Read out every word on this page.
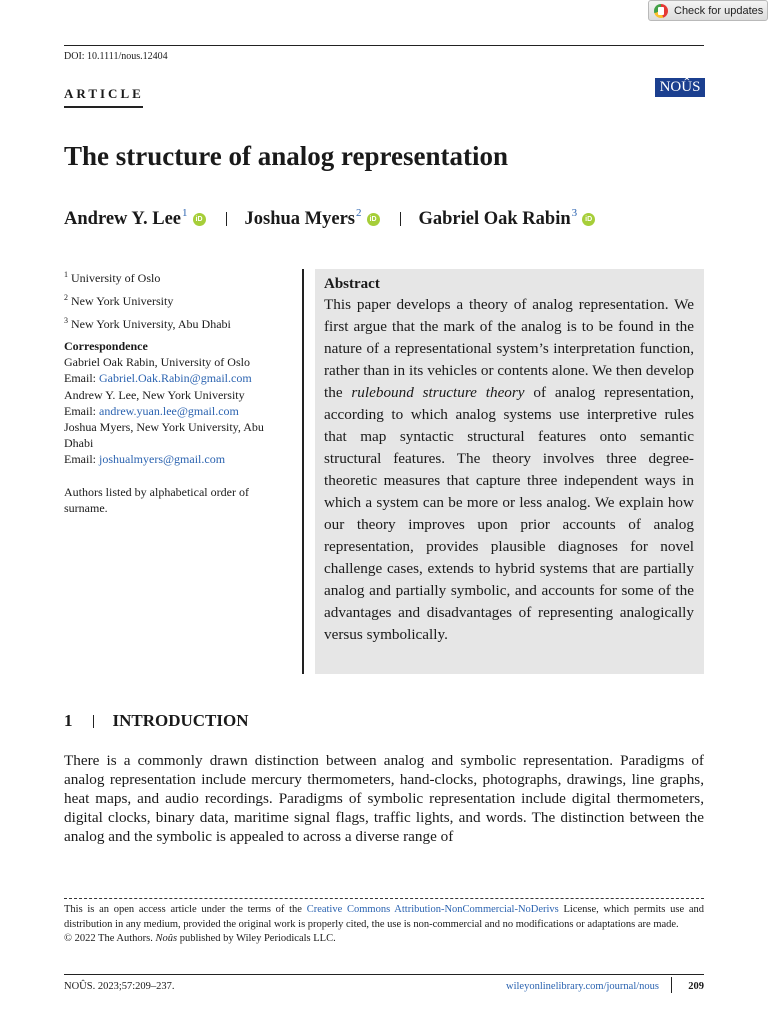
Check for updates
DOI: 10.1111/nous.12404
ARTICLE	NOÛS
The structure of analog representation
Andrew Y. Lee$^1$ iD	Joshua Myers$^2$ iD	Gabriel Oak Rabin$^3$
iD
$^1$ University of Oslo
$^2$ New York University
$^3$ New York University, Abu Dhabi
Correspondence
Gabriel Oak Rabin, University of Oslo
Email: Gabriel.Oak.Rabin@gmail.com
Andrew Y. Lee, New York University
Email: andrew.yuan.lee@gmail.com
Joshua Myers, New York University, Abu Dhabi
Email: joshualmyers@gmail.com
Authors listed by alphabetical order of surname.
Abstract

This paper develops a theory of analog representation. We first argue that the mark of the analog is to be found in the nature of a representational system’s interpretation function, rather than in its vehicles or contents alone. We then develop the rulebound structure theory of analog representation, according to which analog systems use interpretive rules that map syntactic structural features onto semantic structural features. The theory involves three degree-theoretic measures that capture three independent ways in which a system can be more or less analog. We explain how our theory improves upon prior accounts of analog representation, provides plausible diagnoses for novel challenge cases, extends to hybrid systems that are partially analog and partially symbolic, and accounts for some of the advantages and disadvantages of representing analogically versus symbolically.

1 INTRODUCTION

There is a commonly drawn distinction between analog and symbolic representation. Paradigms of analog representation include mercury thermometers, hand-clocks, photographs, drawings, line graphs, heat maps, and audio recordings. Paradigms of symbolic representation include digital thermometers, digital clocks, binary data, maritime signal flags, traffic lights, and words. The distinction between the analog and the symbolic is appealed to across a diverse range of

This is an open access article under the terms of the Creative Commons Attribution-NonCommercial-NoDerivs License, which permits use and distribution in any medium, provided the original work is properly cited, the use is non-commercial and no modifications or adaptations are made.
© 2022 The Authors. Noûs published by Wiley Periodicals LLC.
NOÛS. 2023;57:209–237.	wileyonlinelibrary.com/journal/nous	209
